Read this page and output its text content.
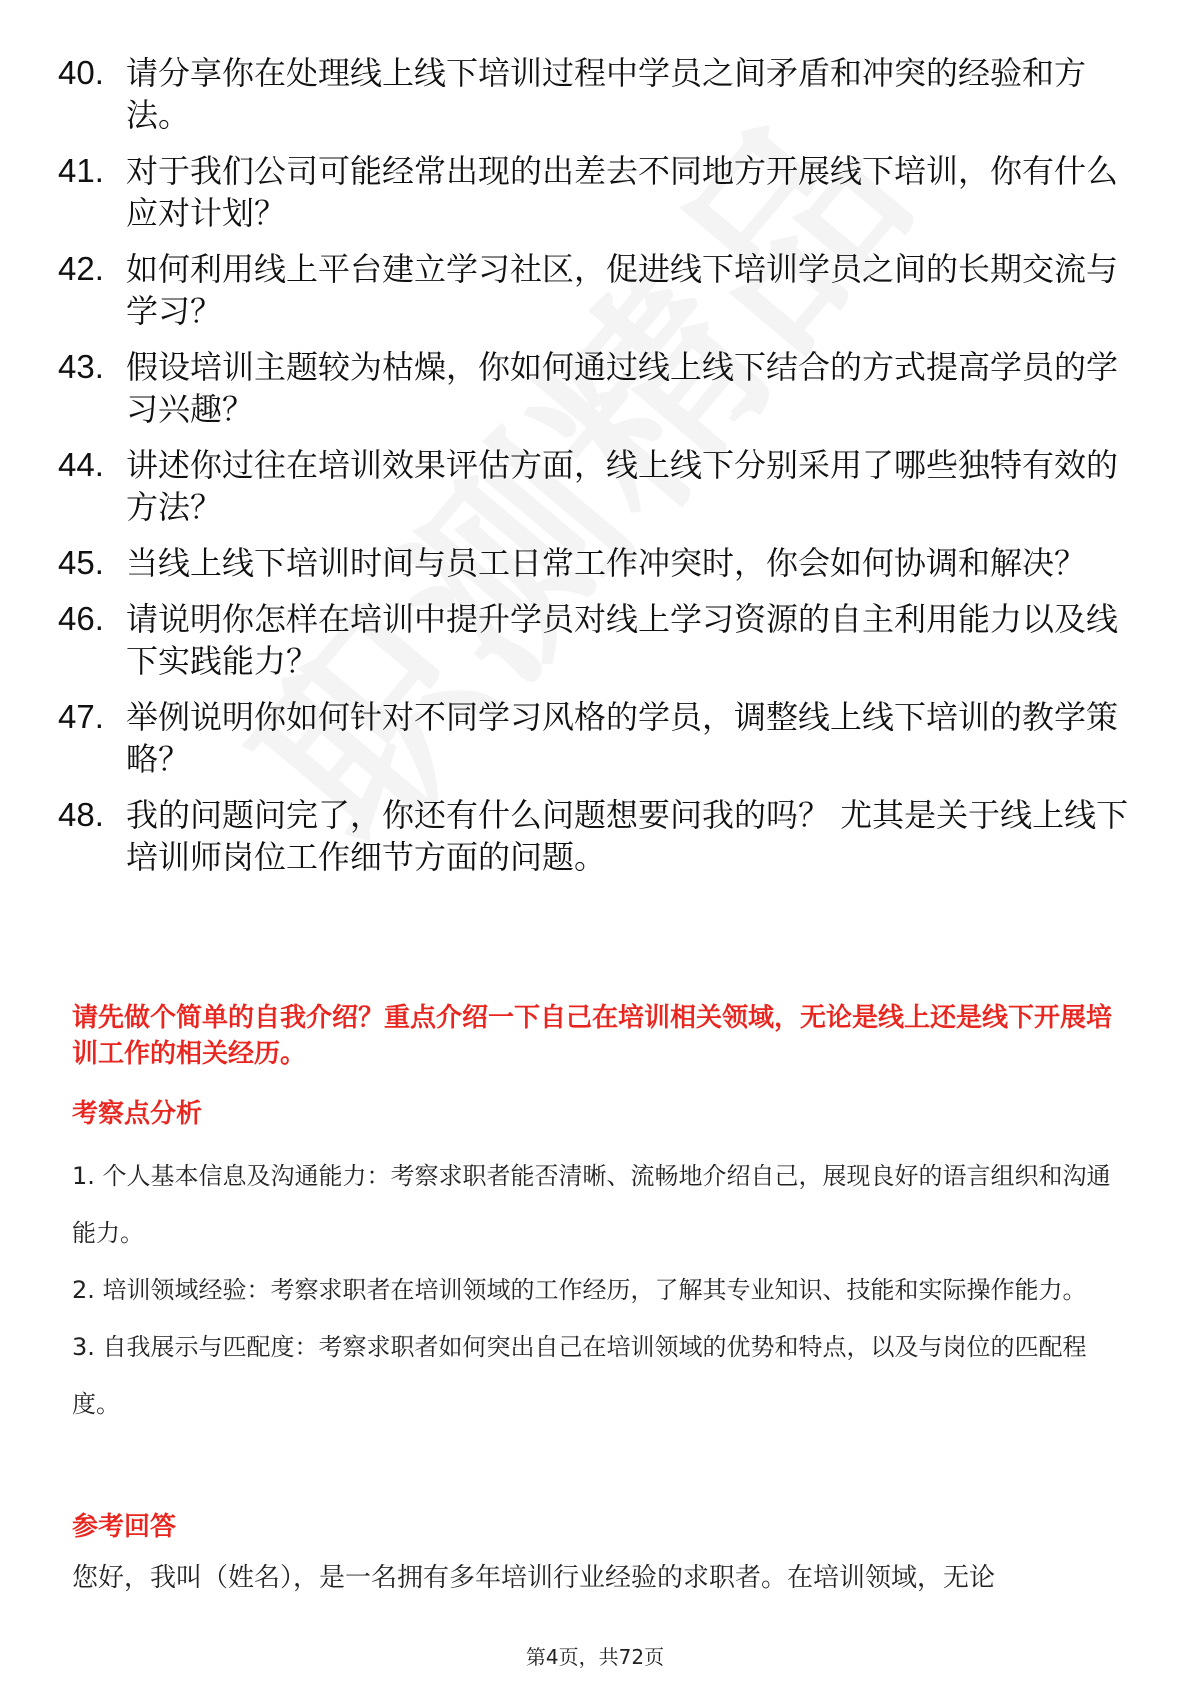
40. 请分享你在处理线上线下培训过程中学员之间矛盾和冲突的经验和方法。
41. 对于我们公司可能经常出现的出差去不同地方开展线下培训，你有什么应对计划？
42. 如何利用线上平台建立学习社区，促进线下培训学员之间的长期交流与学习？
43. 假设培训主题较为枯燥，你如何通过线上线下结合的方式提高学员的学习兴趣？
44. 讲述你过往在培训效果评估方面，线上线下分别采用了哪些独特有效的方法？
45. 当线上线下培训时间与员工日常工作冲突时，你会如何协调和解决？
46. 请说明你怎样在培训中提升学员对线上学习资源的自主利用能力以及线下实践能力？
47. 举例说明你如何针对不同学习风格的学员，调整线上线下培训的教学策略？
48. 我的问题问完了，你还有什么问题想要问我的吗？ 尤其是关于线上线下培训师岗位工作细节方面的问题。
请先做个简单的自我介绍？重点介绍一下自己在培训相关领域，无论是线上还是线下开展培训工作的相关经历。
考察点分析

1. 个人基本信息及沟通能力：考察求职者能否清晰、流畅地介绍自己，展现良好的语言组织和沟通能力。

2. 培训领域经验：考察求职者在培训领域的工作经历，了解其专业知识、技能和实际操作能力。

3. 自我展示与匹配度：考察求职者如何突出自己在培训领域的优势和特点，以及与岗位的匹配程度。

参考回答
您好，我叫（姓名），是一名拥有多年培训行业经验的求职者。在培训领域，无论
第4页，共72页
